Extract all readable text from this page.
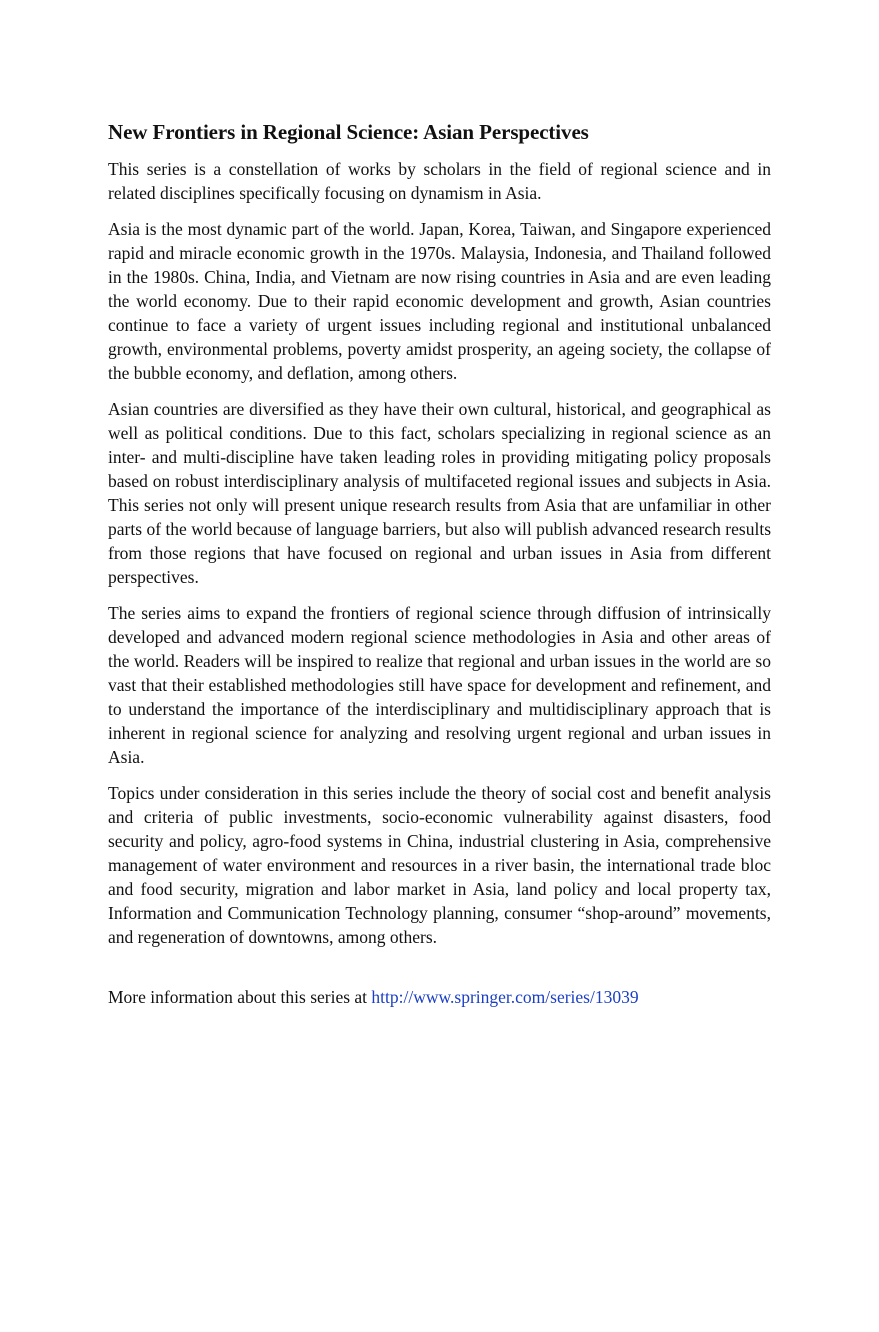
New Frontiers in Regional Science: Asian Perspectives

This series is a constellation of works by scholars in the field of regional science and in related disciplines specifically focusing on dynamism in Asia.

Asia is the most dynamic part of the world. Japan, Korea, Taiwan, and Singapore experienced rapid and miracle economic growth in the 1970s. Malaysia, Indonesia, and Thailand followed in the 1980s. China, India, and Vietnam are now rising countries in Asia and are even leading the world economy. Due to their rapid economic development and growth, Asian countries continue to face a variety of urgent issues including regional and institutional unbalanced growth, environmental problems, poverty amidst prosperity, an ageing society, the collapse of the bubble economy, and deflation, among others.

Asian countries are diversified as they have their own cultural, historical, and geographical as well as political conditions. Due to this fact, scholars specializing in regional science as an inter- and multi-discipline have taken leading roles in providing mitigating policy proposals based on robust interdisciplinary analysis of multifaceted regional issues and subjects in Asia. This series not only will present unique research results from Asia that are unfamiliar in other parts of the world because of language barriers, but also will publish advanced research results from those regions that have focused on regional and urban issues in Asia from different perspectives.

The series aims to expand the frontiers of regional science through diffusion of intrinsically developed and advanced modern regional science methodologies in Asia and other areas of the world. Readers will be inspired to realize that regional and urban issues in the world are so vast that their established methodologies still have space for development and refinement, and to understand the importance of the interdisciplinary and multidisciplinary approach that is inherent in regional science for analyzing and resolving urgent regional and urban issues in Asia.

Topics under consideration in this series include the theory of social cost and benefit analysis and criteria of public investments, socio-economic vulnerability against disasters, food security and policy, agro-food systems in China, industrial clustering in Asia, comprehensive management of water environment and resources in a river basin, the international trade bloc and food security, migration and labor market in Asia, land policy and local property tax, Information and Communication Technology planning, consumer “shop-around” movements, and regeneration of downtowns, among others.

More information about this series at http://www.springer.com/series/13039
